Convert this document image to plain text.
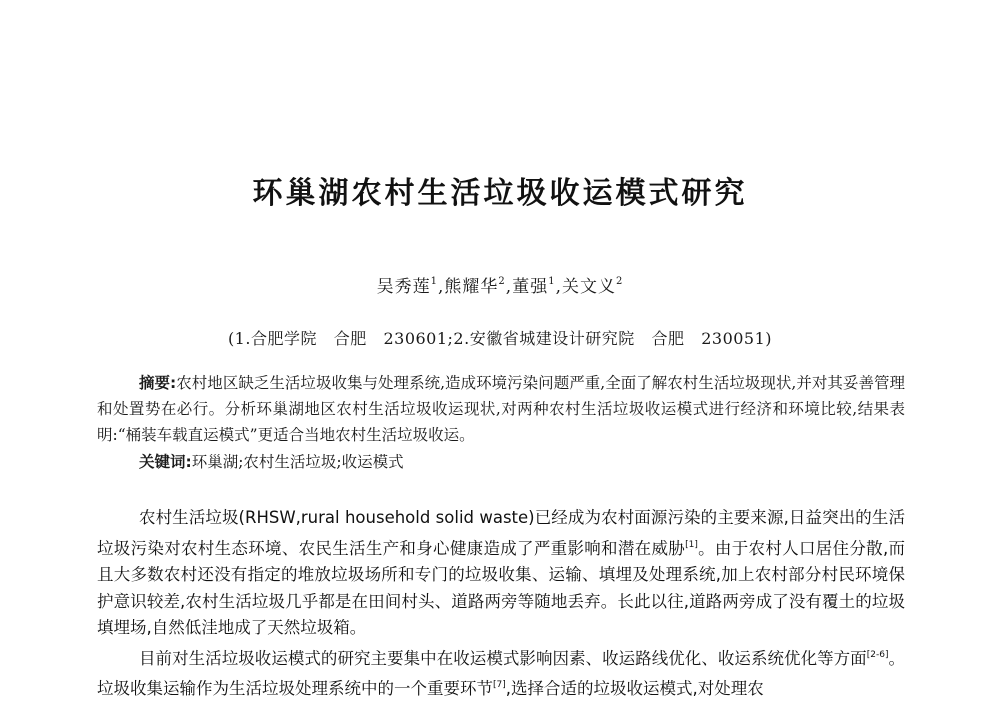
环巢湖农村生活垃圾收运模式研究
吴秀莲$^1$,熊耀华$^2$,董强$^1$,关文义$^2$
(1.合肥学院   合肥   230601;2.安徽省城建设计研究院   合肥   230051)

摘要:农村地区缺乏生活垃圾收集与处理系统,造成环境污染问题严重,全面了解农村生活垃圾现状,并对其妥善管理和处置势在必行。分析环巢湖地区农村生活垃圾收运现状,对两种农村生活垃圾收运模式进行经济和环境比较,结果表明:“桶装车载直运模式”更适合当地农村生活垃圾收运。

关键词:环巢湖;农村生活垃圾;收运模式

农村生活垃圾(RHSW,rural household solid waste)已经成为农村面源污染的主要来源,日益突出的生活垃圾污染对农村生态环境、农民生活生产和身心健康造成了严重影响和潜在威胁[1]。由于农村人口居住分散,而且大多数农村还没有指定的堆放垃圾场所和专门的垃圾收集、运输、填埋及处理系统,加上农村部分村民环境保护意识较差,农村生活垃圾几乎都是在田间村头、道路两旁等随地丢弃。长此以往,道路两旁成了没有覆土的垃圾填埋场,自然低洼地成了天然垃圾箱。

目前对生活垃圾收运模式的研究主要集中在收运模式影响因素、收运路线优化、收运系统优化等方面[2-6]。垃圾收集运输作为生活垃圾处理系统中的一个重要环节[7],选择合适的垃圾收运模式,对处理农
